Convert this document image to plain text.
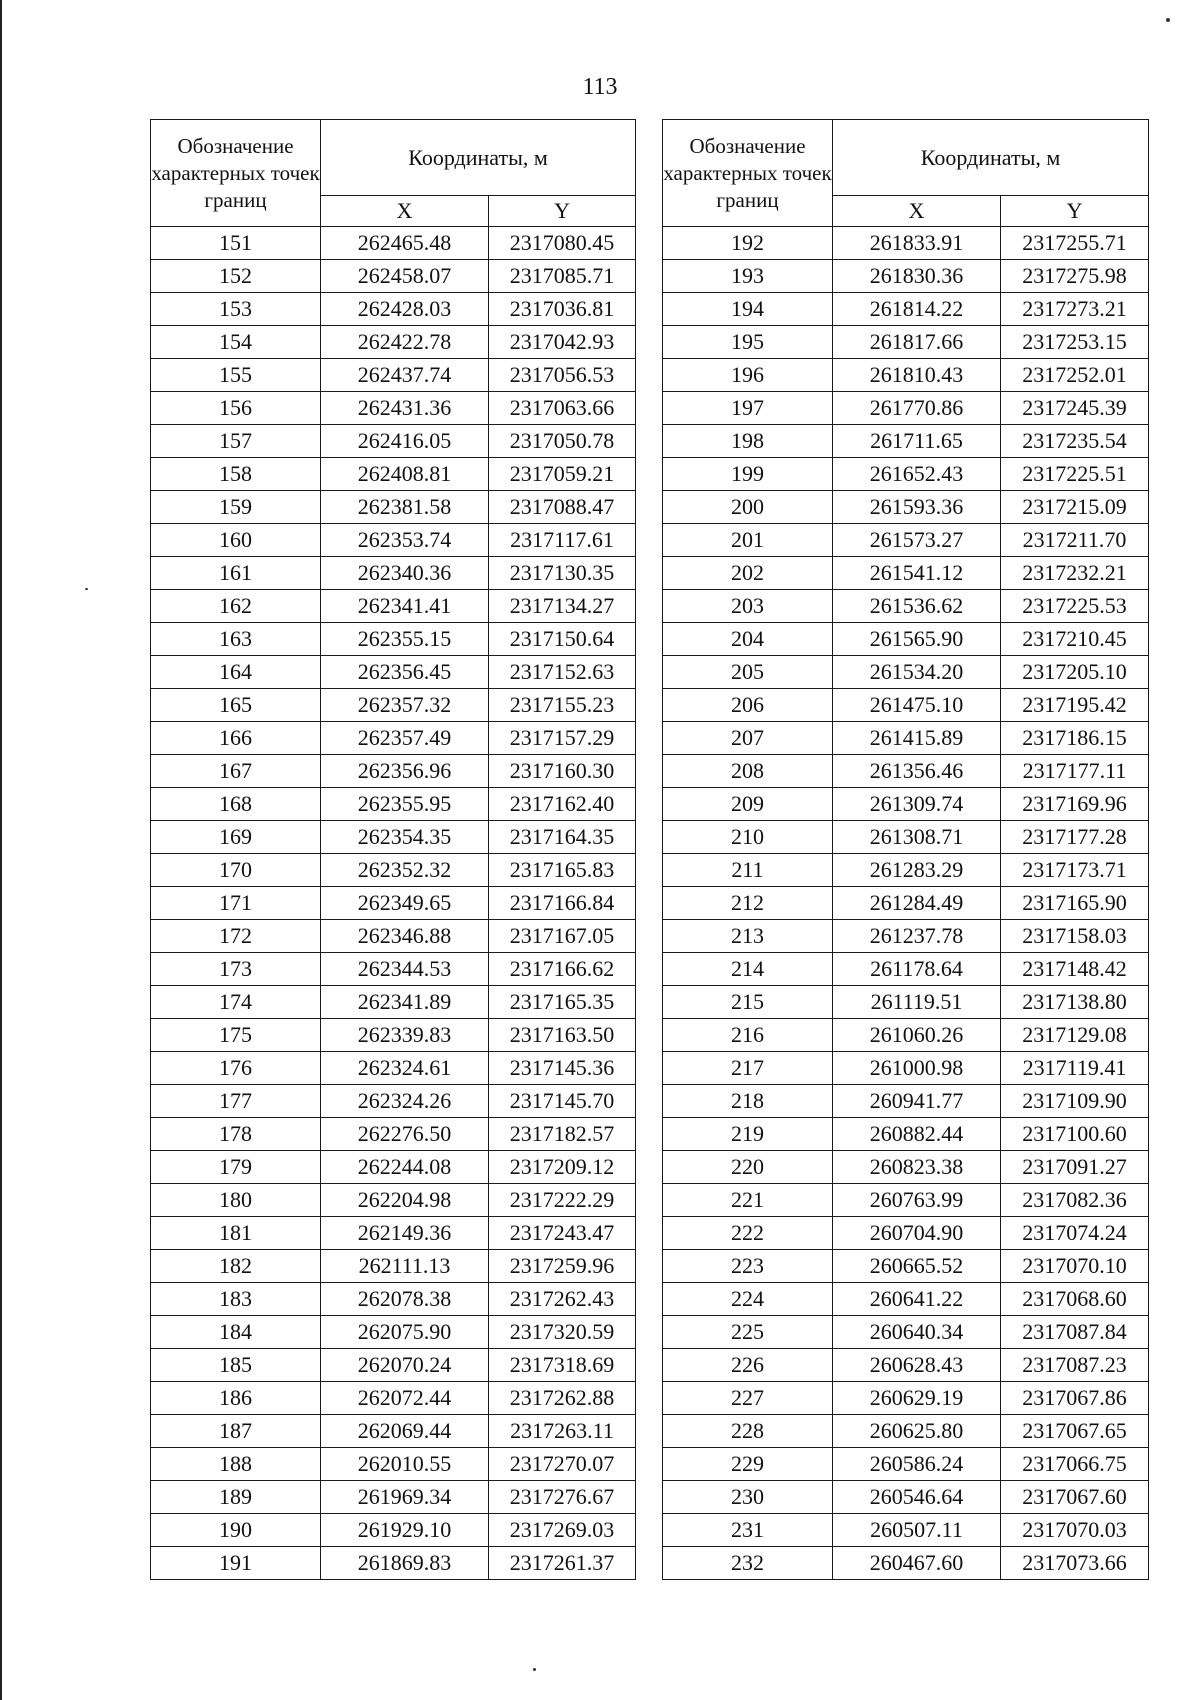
113
Обозначение характерных точек границ	Координаты, м	
	X	Y
151	262465.48	2317080.45
152	262458.07	2317085.71
153	262428.03	2317036.81
154	262422.78	2317042.93
155	262437.74	2317056.53
156	262431.36	2317063.66
157	262416.05	2317050.78
158	262408.81	2317059.21
159	262381.58	2317088.47
160	262353.74	2317117.61
161	262340.36	2317130.35
162	262341.41	2317134.27
163	262355.15	2317150.64
164	262356.45	2317152.63
165	262357.32	2317155.23
166	262357.49	2317157.29
167	262356.96	2317160.30
168	262355.95	2317162.40
169	262354.35	2317164.35
170	262352.32	2317165.83
171	262349.65	2317166.84
172	262346.88	2317167.05
173	262344.53	2317166.62
174	262341.89	2317165.35
175	262339.83	2317163.50
176	262324.61	2317145.36
177	262324.26	2317145.70
178	262276.50	2317182.57
179	262244.08	2317209.12
180	262204.98	2317222.29
181	262149.36	2317243.47
182	262111.13	2317259.96
183	262078.38	2317262.43
184	262075.90	2317320.59
185	262070.24	2317318.69
186	262072.44	2317262.88
187	262069.44	2317263.11
188	262010.55	2317270.07
189	261969.34	2317276.67
190	261929.10	2317269.03
191	261869.83	2317261.37
Обозначение характерных точек границ	Координаты, м	
	X	Y
192	261833.91	2317255.71
193	261830.36	2317275.98
194	261814.22	2317273.21
195	261817.66	2317253.15
196	261810.43	2317252.01
197	261770.86	2317245.39
198	261711.65	2317235.54
199	261652.43	2317225.51
200	261593.36	2317215.09
201	261573.27	2317211.70
202	261541.12	2317232.21
203	261536.62	2317225.53
204	261565.90	2317210.45
205	261534.20	2317205.10
206	261475.10	2317195.42
207	261415.89	2317186.15
208	261356.46	2317177.11
209	261309.74	2317169.96
210	261308.71	2317177.28
211	261283.29	2317173.71
212	261284.49	2317165.90
213	261237.78	2317158.03
214	261178.64	2317148.42
215	261119.51	2317138.80
216	261060.26	2317129.08
217	261000.98	2317119.41
218	260941.77	2317109.90
219	260882.44	2317100.60
220	260823.38	2317091.27
221	260763.99	2317082.36
222	260704.90	2317074.24
223	260665.52	2317070.10
224	260641.22	2317068.60
225	260640.34	2317087.84
226	260628.43	2317087.23
227	260629.19	2317067.86
228	260625.80	2317067.65
229	260586.24	2317066.75
230	260546.64	2317067.60
231	260507.11	2317070.03
232	260467.60	2317073.66
